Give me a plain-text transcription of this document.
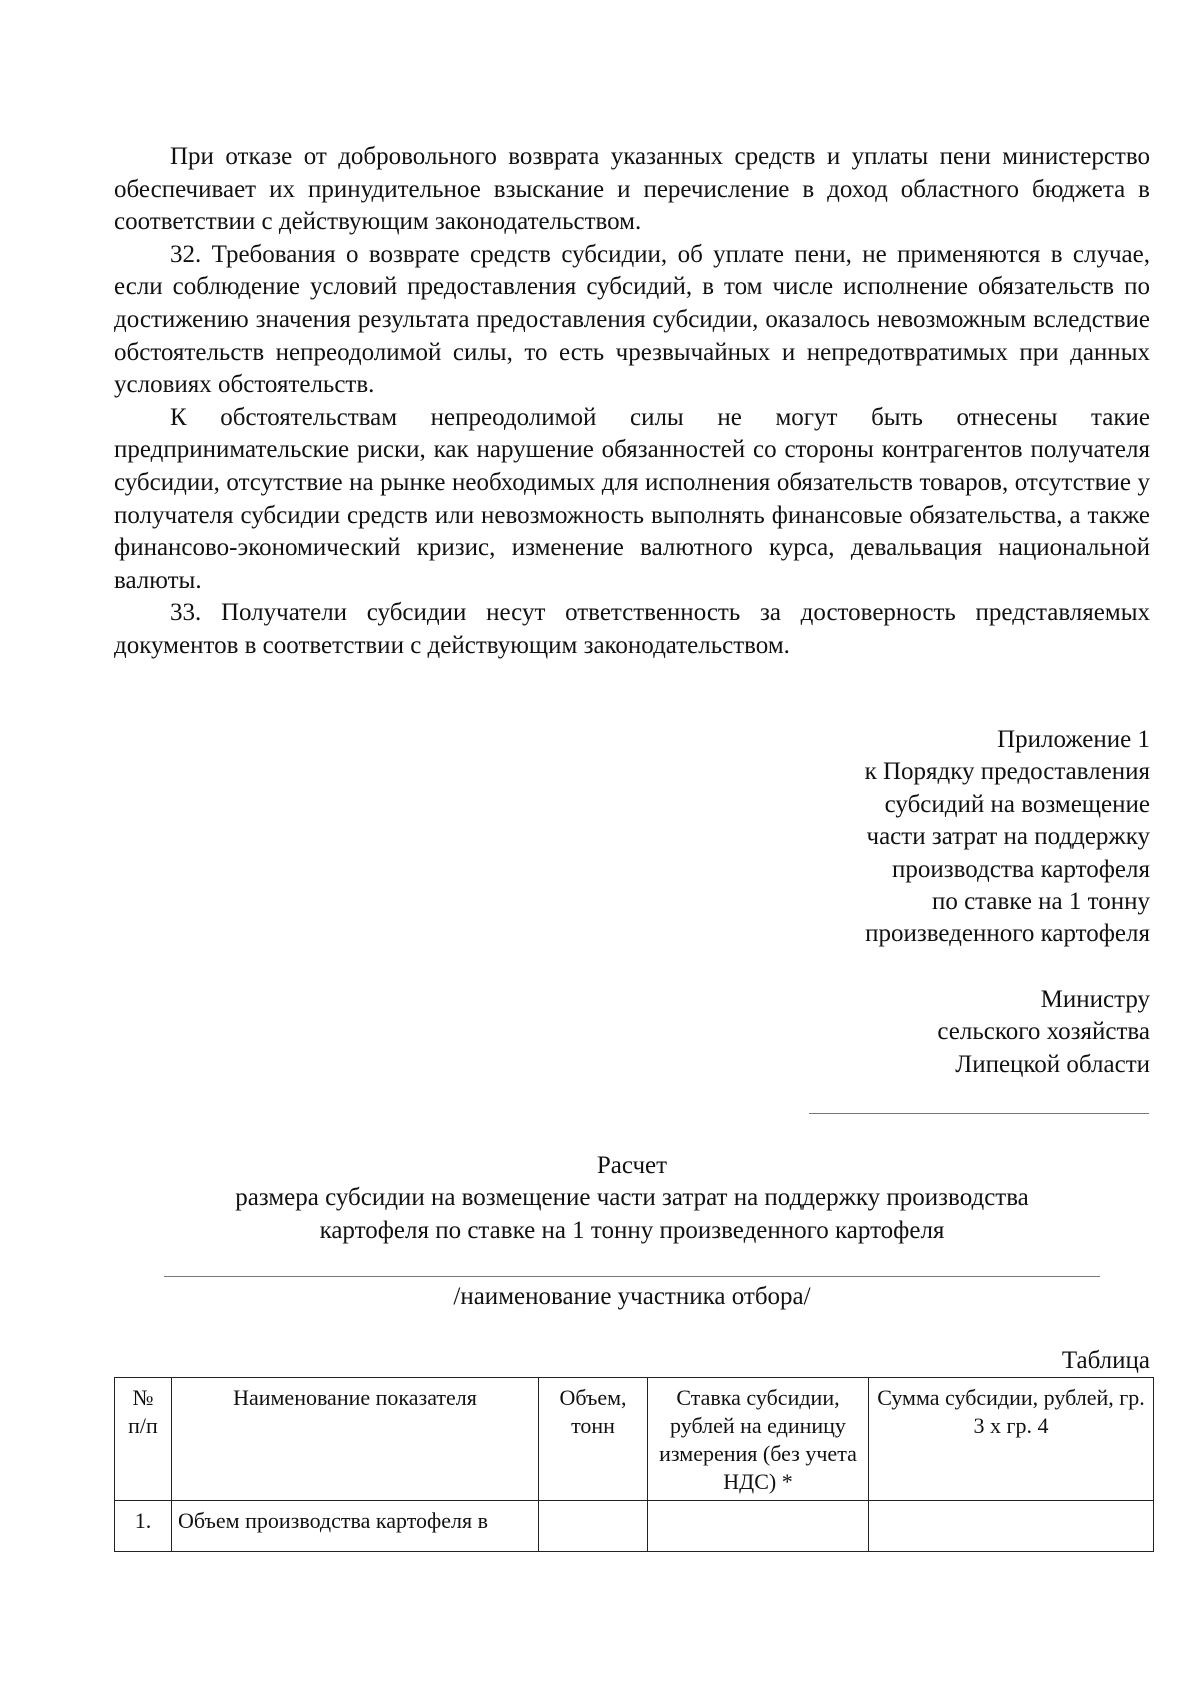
При отказе от добровольного возврата указанных средств и уплаты пени министерство обеспечивает их принудительное взыскание и перечисление в доход областного бюджета в соответствии с действующим законодательством.

32. Требования о возврате средств субсидии, об уплате пени, не применяются в случае, если соблюдение условий предоставления субсидий, в том числе исполнение обязательств по достижению значения результата предоставления субсидии, оказалось невозможным вследствие обстоятельств непреодолимой силы, то есть чрезвычайных и непредотвратимых при данных условиях обстоятельств.

К обстоятельствам непреодолимой силы не могут быть отнесены такие предпринимательские риски, как нарушение обязанностей со стороны контрагентов получателя субсидии, отсутствие на рынке необходимых для исполнения обязательств товаров, отсутствие у получателя субсидии средств или невозможность выполнять финансовые обязательства, а также финансово-экономический кризис, изменение валютного курса, девальвация национальной валюты.

33. Получатели субсидии несут ответственность за достоверность представляемых документов в соответствии с действующим законодательством.

Приложение 1
к Порядку предоставления
субсидий на возмещение
части затрат на поддержку
производства картофеля
по ставке на 1 тонну
произведенного картофеля
Министру
сельского хозяйства
Липецкой области
Расчет
размера субсидии на возмещение части затрат на поддержку производства
картофеля по ставке на 1 тонну произведенного картофеля
/наименование участника отбора/
Таблица
№ п/п	Наименование показателя	Объем, тонн	Ставка субсидии, рублей на единицу измерения (без учета НДС) *	Сумма субсидии, рублей, гр. 3 х гр. 4
1.	Объем производства картофеля в			
